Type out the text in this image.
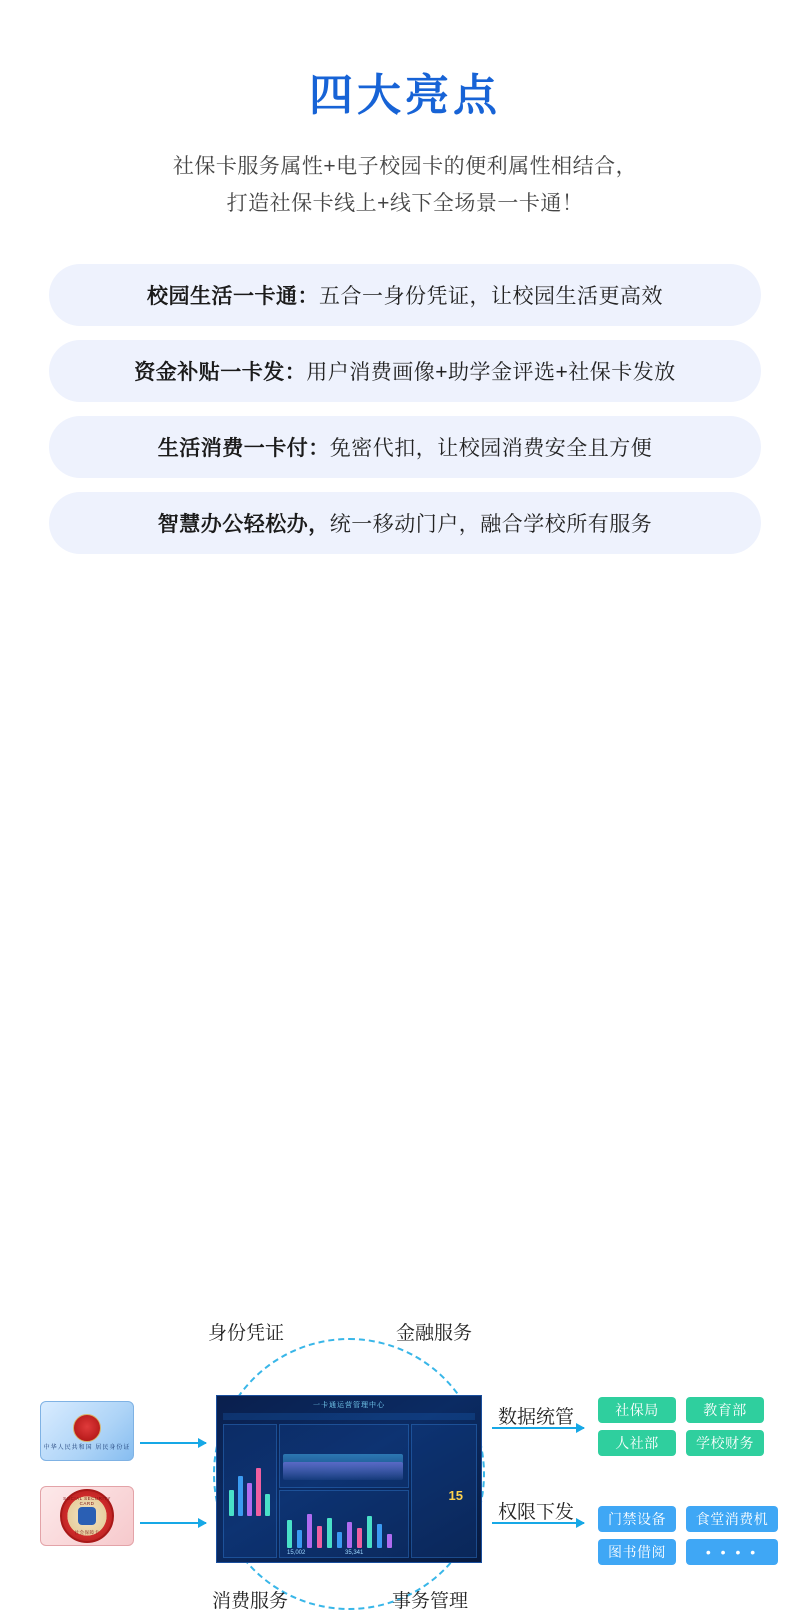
四大亮点
社保卡服务属性+电子校园卡的便利属性相结合，
打造社保卡线上+线下全场景一卡通！
校园生活一卡通： 五合一身份凭证，让校园生活更高效
资金补贴一卡发： 用户消费画像+助学金评选+社保卡发放
生活消费一卡付： 免密代扣，让校园消费安全且方便
智慧办公轻松办， 统一移动门户，融合学校所有服务
身份凭证	金融服务
消费服务	事务管理
中华人民共和国 居民身份证
SOCIAL SECURITY CARD
社会保障卡
一卡通运营管理中心
15
15,002	35,341
数据统管
权限下发
社保局	教育部
人社部	学校财务
门禁设备	食堂消费机
图书借阅	• • • •
